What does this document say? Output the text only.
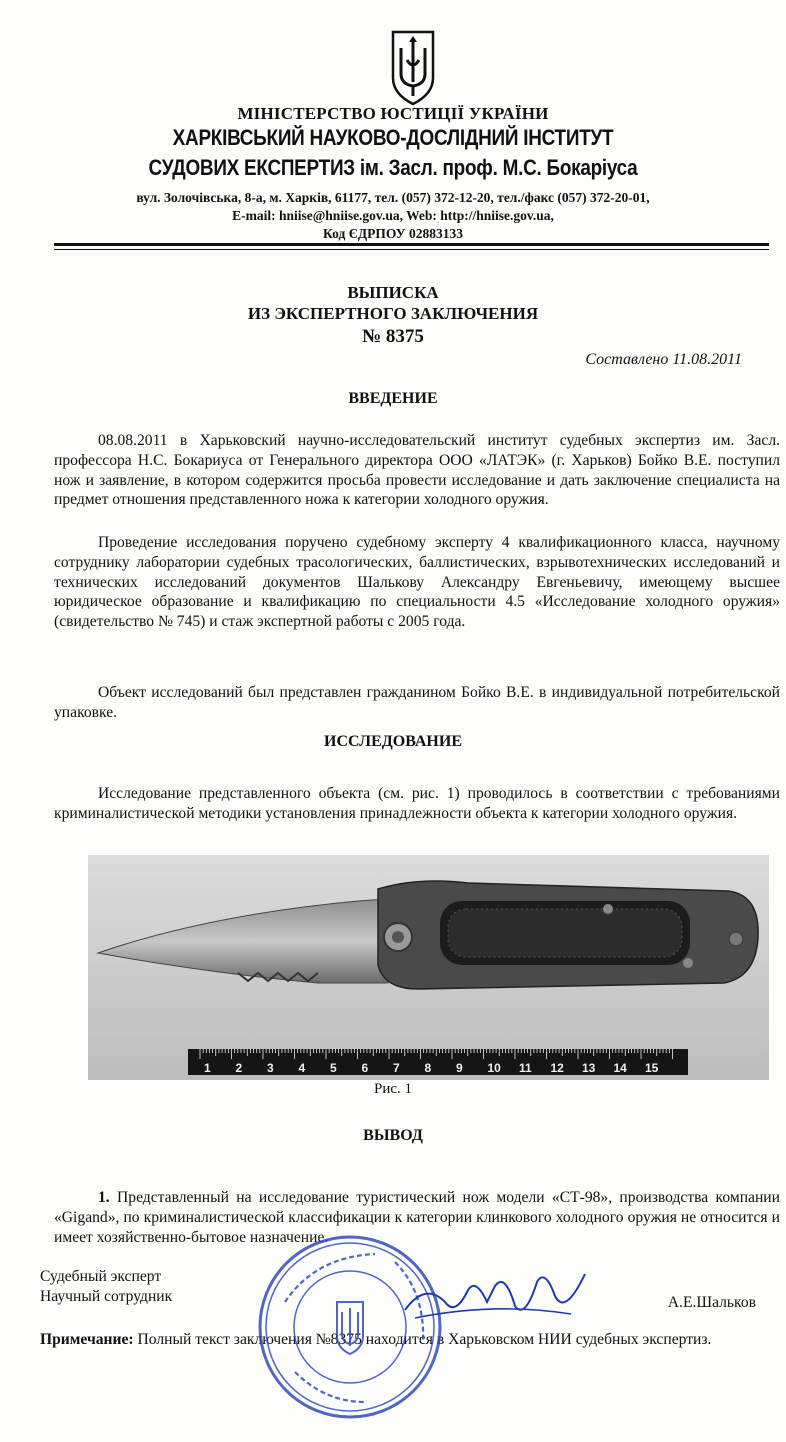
МІНІСТЕРСТВО ЮСТИЦІЇ УКРАЇНИ
ХАРКІВСЬКИЙ НАУКОВО-ДОСЛІДНИЙ ІНСТИТУТ
СУДОВИХ ЕКСПЕРТИЗ ім. Засл. проф. М.С. Бокаріуса
вул. Золочівська, 8-а, м. Харків, 61177, тел. (057) 372-12-20, тел./факс (057) 372-20-01,
E-mail: hniise@hniise.gov.ua, Web: http://hniise.gov.ua,
Код ЄДРПОУ 02883133
ВЫПИСКА
ИЗ ЭКСПЕРТНОГО ЗАКЛЮЧЕНИЯ
№ 8375
Составлено 11.08.2011
ВВЕДЕНИЕ
08.08.2011 в Харьковский научно-исследовательский институт судебных экспертиз им. Засл. профессора Н.С. Бокариуса от Генерального директора ООО «ЛАТЭК» (г. Харьков) Бойко В.Е. поступил нож и заявление, в котором содержится просьба провести исследование и дать заключение специалиста на предмет отношения представленного ножа к категории холодного оружия.
Проведение исследования поручено судебному эксперту 4 квалификационного класса, научному сотруднику лаборатории судебных трасологических, баллистических, взрывотехнических исследований и технических исследований документов Шалькову Александру Евгеньевичу, имеющему высшее юридическое образование и квалификацию по специальности 4.5 «Исследование холодного оружия» (свидетельство № 745) и стаж экспертной работы с 2005 года.
Объект исследований был представлен гражданином Бойко В.Е. в индивидуальной потребительской упаковке.
ИССЛЕДОВАНИЕ
Исследование представленного объекта (см. рис. 1) проводилось в соответствии с требованиями криминалистической методики установления принадлежности объекта к категории холодного оружия.
1 2 3 4 5 6 7 8 9 10 11 12 13 14 15
Рис. 1
ВЫВОД
1. Представленный на исследование туристический нож модели «СТ-98», производства компании «Gigand», по криминалистической классификации к категории клинкового холодного оружия не относится и имеет хозяйственно-бытовое назначение.
Судебный эксперт
Научный сотрудник	А.Е.Шальков
Примечание: Полный текст заключения №8375 находится в Харьковском НИИ судебных экспертиз.
